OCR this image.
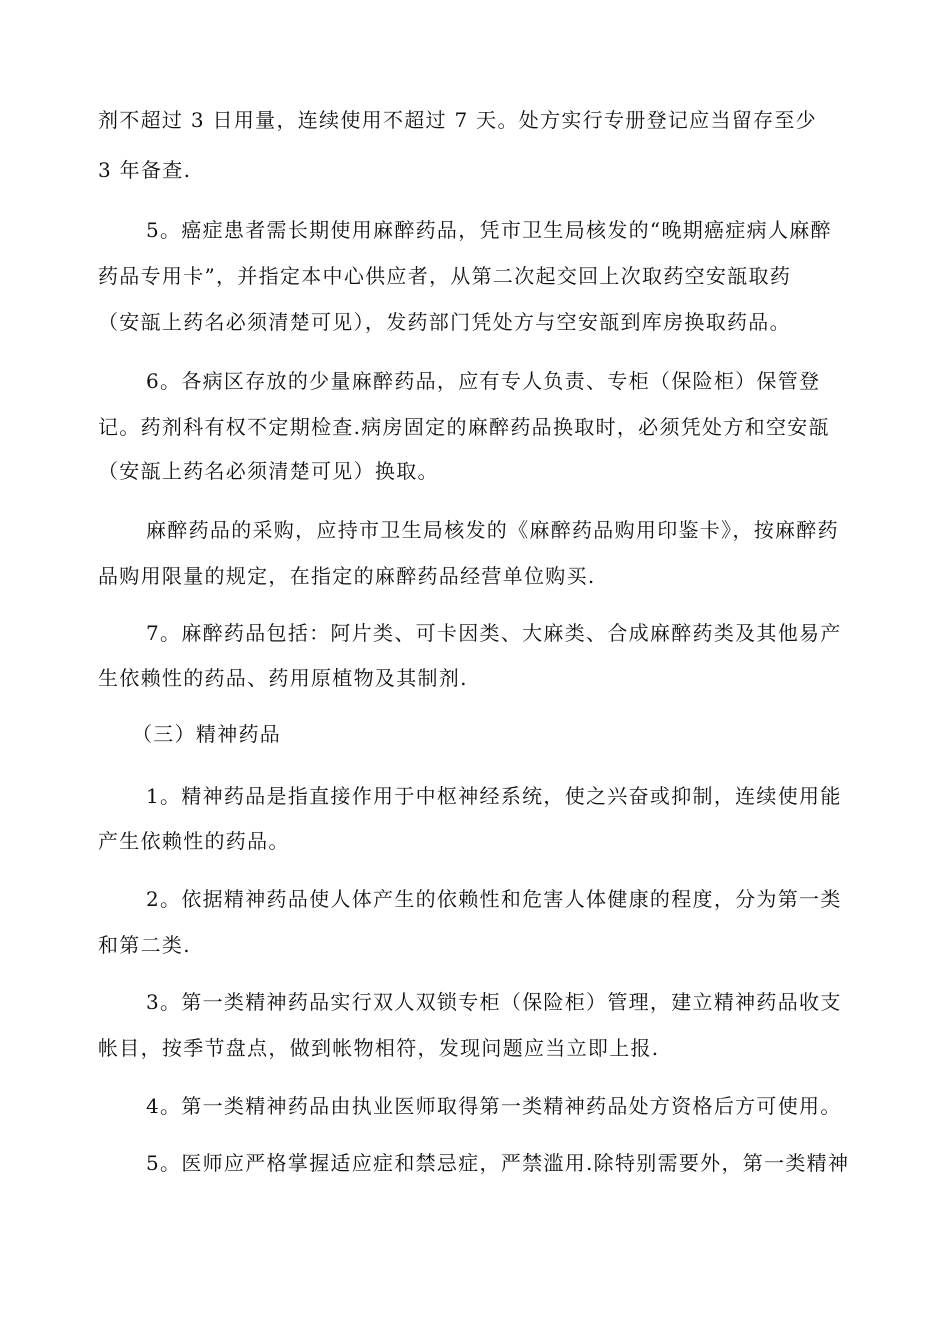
剂不超过 3 日用量，连续使用不超过 7 天。处方实行专册登记应当留存至少
3 年备查.
5。癌症患者需长期使用麻醉药品，凭市卫生局核发的“晚期癌症病人麻醉
药品专用卡”，并指定本中心供应者，从第二次起交回上次取药空安瓿取药
（安瓿上药名必须清楚可见），发药部门凭处方与空安瓿到库房换取药品。
6。各病区存放的少量麻醉药品，应有专人负责、专柜（保险柜）保管登
记。药剂科有权不定期检查.病房固定的麻醉药品换取时，必须凭处方和空安瓿
（安瓿上药名必须清楚可见）换取。
麻醉药品的采购，应持市卫生局核发的《麻醉药品购用印鉴卡》，按麻醉药
品购用限量的规定，在指定的麻醉药品经营单位购买.
7。麻醉药品包括：阿片类、可卡因类、大麻类、合成麻醉药类及其他易产
生依赖性的药品、药用原植物及其制剂.
（三）精神药品
1。精神药品是指直接作用于中枢神经系统，使之兴奋或抑制，连续使用能
产生依赖性的药品。
2。依据精神药品使人体产生的依赖性和危害人体健康的程度，分为第一类
和第二类.
3。第一类精神药品实行双人双锁专柜（保险柜）管理，建立精神药品收支
帐目，按季节盘点，做到帐物相符，发现问题应当立即上报.
4。第一类精神药品由执业医师取得第一类精神药品处方资格后方可使用。
5。医师应严格掌握适应症和禁忌症，严禁滥用.除特别需要外，第一类精神
